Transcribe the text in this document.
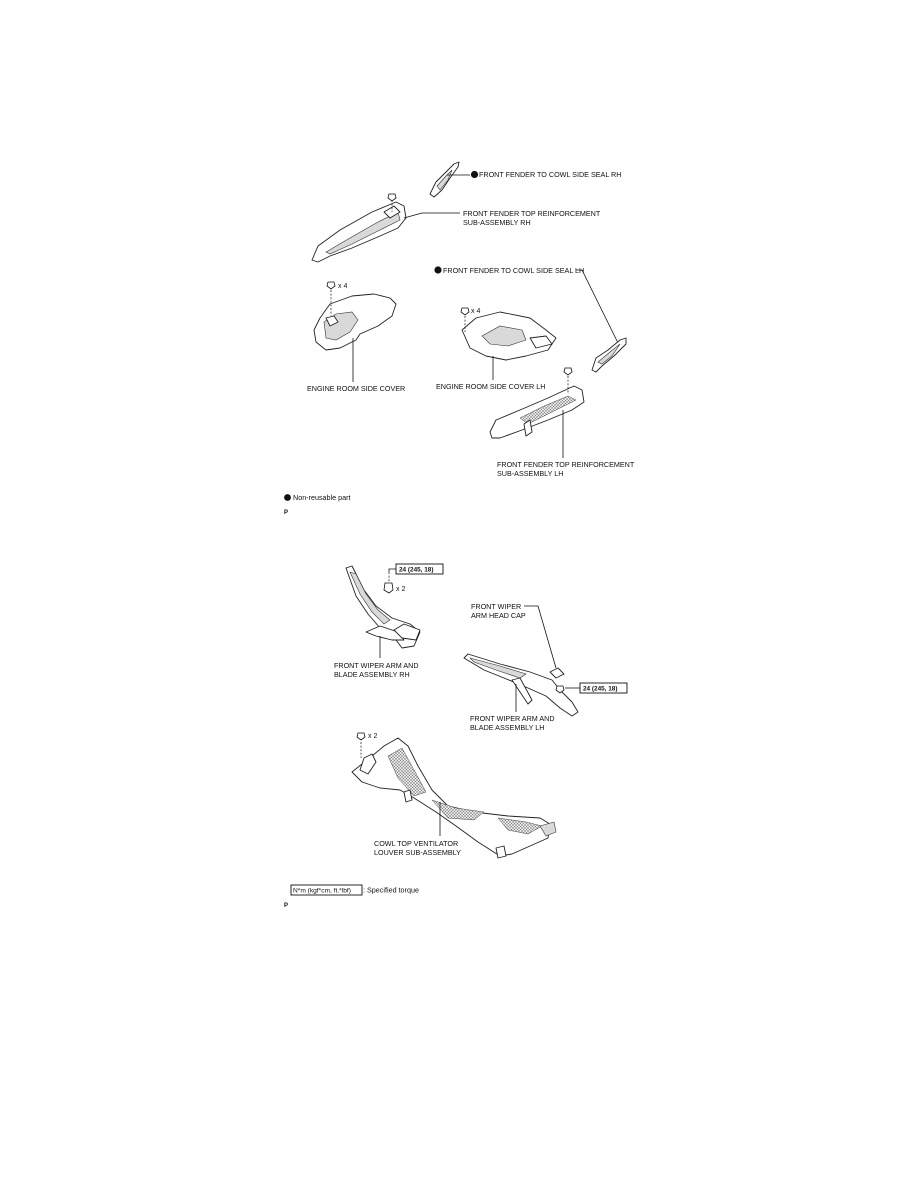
FRONT FENDER TO COWL SIDE SEAL RH
FRONT FENDER TOP REINFORCEMENT
SUB-ASSEMBLY RH
x 4
ENGINE ROOM SIDE COVER
x 4
ENGINE ROOM SIDE COVER LH
FRONT FENDER TO COWL SIDE SEAL LH
FRONT FENDER TOP REINFORCEMENT
SUB-ASSEMBLY LH
Non-reusable part
P
x 2
24 (245, 18)
FRONT WIPER ARM AND
BLADE ASSEMBLY RH
FRONT WIPER
ARM HEAD CAP
24 (245, 18)
FRONT WIPER ARM AND
BLADE ASSEMBLY LH
x 2
COWL TOP VENTILATOR
LOUVER SUB-ASSEMBLY
N*m (kgf*cm, ft.*lbf) : Specified torque
P
